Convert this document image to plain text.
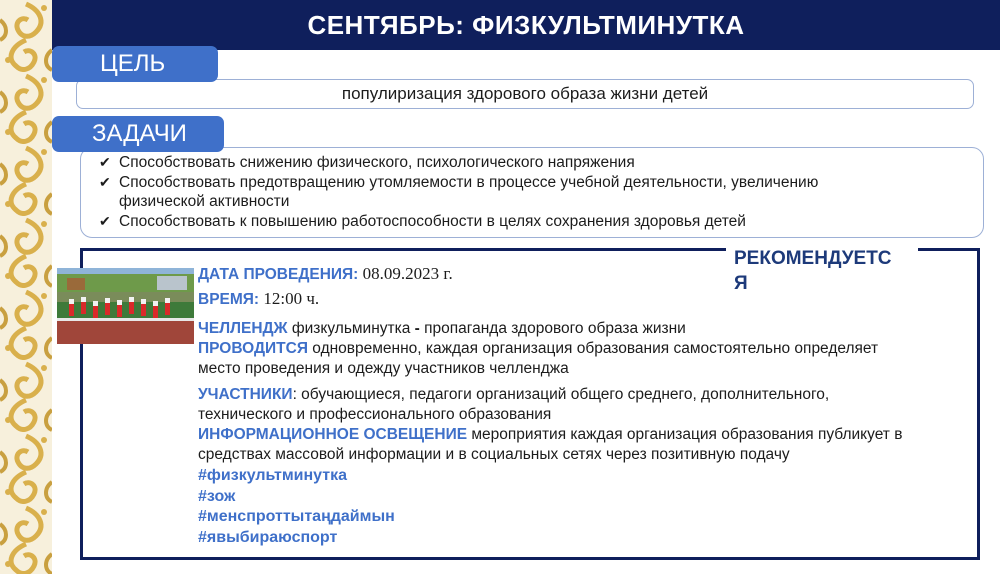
СЕНТЯБРЬ: ФИЗКУЛЬТМИНУТКА
популиризация здорового образа жизни детей
ЦЕЛЬ
✔ Способствовать снижению физического, психологического напряжения
✔ Способствовать предотвращению утомляемости в процессе учебной деятельности, увеличению
физической активности
✔ Способствовать к повышению работоспособности в целях сохранения здоровья детей
ЗАДАЧИ
РЕКОМЕНДУЕТС
Я

ДАТА ПРОВЕДЕНИЯ: 08.09.2023 г.

ВРЕМЯ: 12:00 ч.

ЧЕЛЛЕНДЖ физкульминутка - пропаганда здорового образа жизни

ПРОВОДИТСЯ одновременно, каждая организация образования самостоятельно определяет
место проведения и одежду участников челленджа

УЧАСТНИКИ: обучающиеся, педагоги организаций общего среднего, дополнительного,
технического и профессионального образования

ИНФОРМАЦИОННОЕ ОСВЕЩЕНИЕ мероприятия каждая организация образования публикует в
средствах массовой информации и в социальных сетях через позитивную подачу

#физкультминутка
#зож
#менспроттытаңдаймын
#явыбираюспорт
